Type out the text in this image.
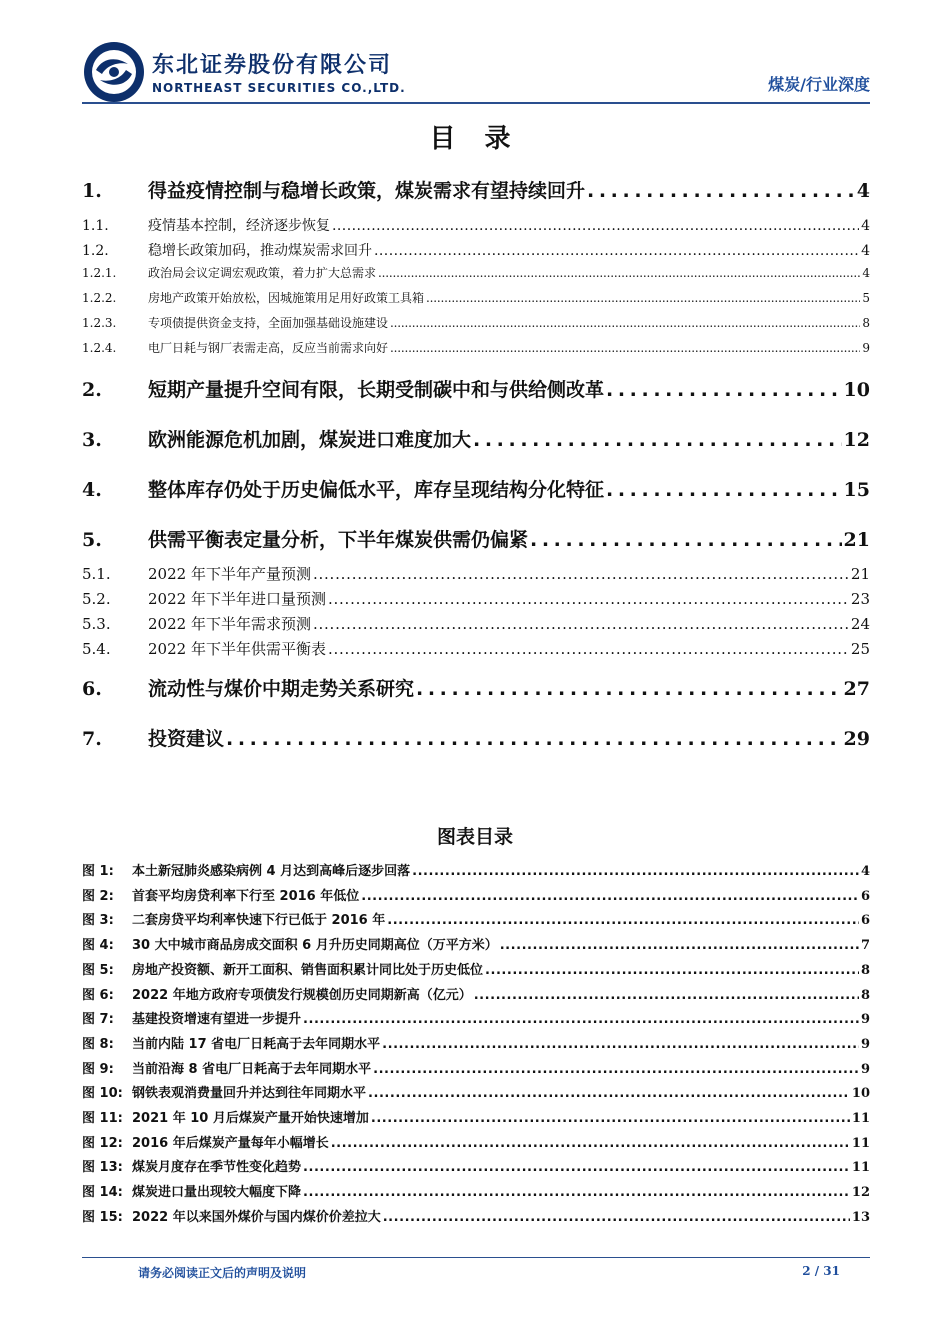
东北证券股份有限公司
NORTHEAST SECURITIES CO.,LTD.	煤炭/行业深度
目 录
1.	得益疫情控制与稳增长政策，煤炭需求有望持续回升 . . .	4
1.1.	疫情基本控制，经济逐步恢复 . . .	4
1.2.	稳增长政策加码，推动煤炭需求回升 . . .	4
1.2.1.	政治局会议定调宏观政策，着力扩大总需求 . . .	4
1.2.2.	房地产政策开始放松，因城施策用足用好政策工具箱 . . .	5
1.2.3.	专项债提供资金支持，全面加强基础设施建设 . . .	8
1.2.4.	电厂日耗与钢厂表需走高，反应当前需求向好 . . .	9
2.	短期产量提升空间有限，长期受制碳中和与供给侧改革 . . .	10
3.	欧洲能源危机加剧，煤炭进口难度加大 . . .	12
4.	整体库存仍处于历史偏低水平，库存呈现结构分化特征 . . .	15
5.	供需平衡表定量分析，下半年煤炭供需仍偏紧 . . .	21
5.1.	2022 年下半年产量预测 . . .	21
5.2.	2022 年下半年进口量预测 . . .	23
5.3.	2022 年下半年需求预测 . . .	24
5.4.	2022 年下半年供需平衡表 . . .	25
6.	流动性与煤价中期走势关系研究 . . .	27
7.	投资建议 . . .	29
图表目录
图 1:	本土新冠肺炎感染病例 4 月达到高峰后逐步回落 . . .	4
图 2:	首套平均房贷利率下行至 2016 年低位 . . .	6
图 3:	二套房贷平均利率快速下行已低于 2016 年 . . .	6
图 4:	30 大中城市商品房成交面积 6 月升历史同期高位（万平方米） . . .	7
图 5:	房地产投资额、新开工面积、销售面积累计同比处于历史低位 . . .	8
图 6:	2022 年地方政府专项债发行规模创历史同期新高（亿元） . . .	8
图 7:	基建投资增速有望进一步提升 . . .	9
图 8:	当前内陆 17 省电厂日耗高于去年同期水平 . . .	9
图 9:	当前沿海 8 省电厂日耗高于去年同期水平 . . .	9
图 10: 钢铁表观消费量回升并达到往年同期水平 . . .	10
图 11: 2021 年 10 月后煤炭产量开始快速增加 . . .	11
图 12: 2016 年后煤炭产量每年小幅增长 . . .	11
图 13: 煤炭月度存在季节性变化趋势 . . .	11
图 14: 煤炭进口量出现较大幅度下降 . . .	12
图 15: 2022 年以来国外煤价与国内煤价价差拉大 . . .	13
请务必阅读正文后的声明及说明	2 / 31
